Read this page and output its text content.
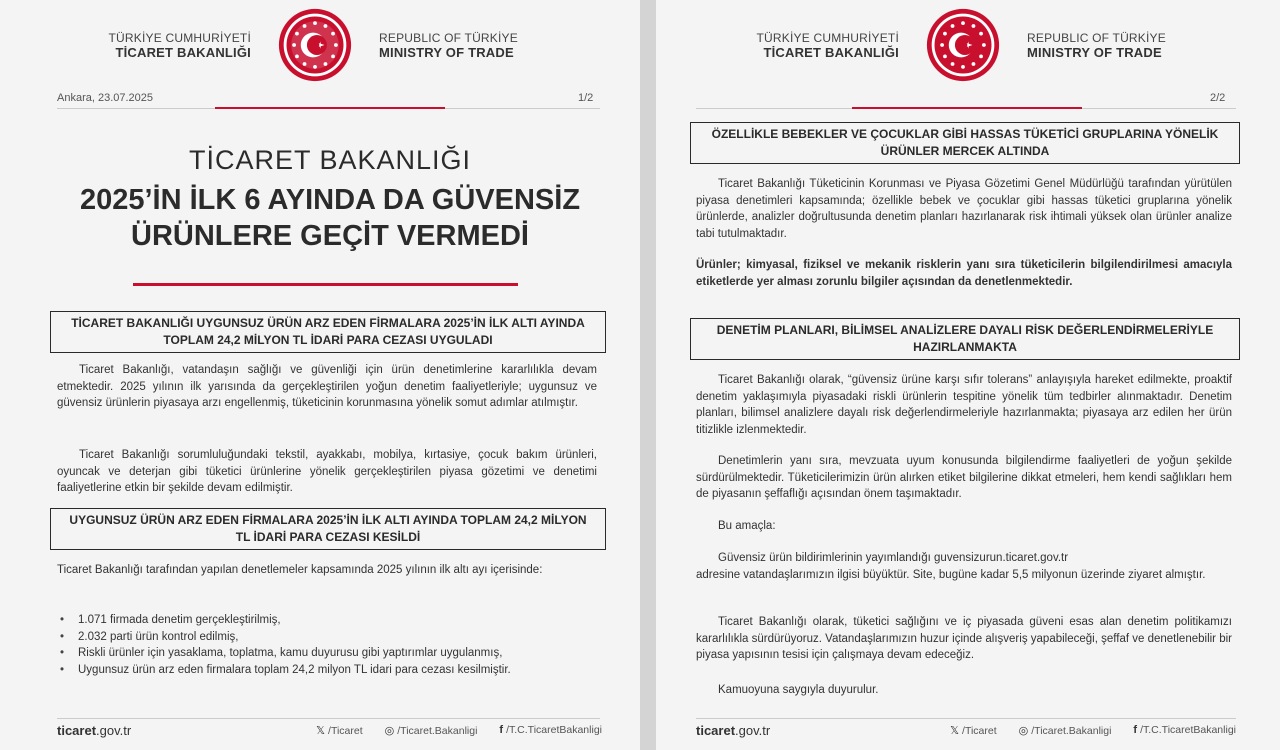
TÜRKİYE CUMHURİYETİ
TİCARET BAKANLIĞI
REPUBLIC OF TÜRKİYE
MINISTRY OF TRADE
Ankara, 23.07.2025	1/2
TİCARET BAKANLIĞI
2025’İN İLK 6 AYINDA DA GÜVENSİZ
ÜRÜNLERE GEÇİT VERMEDİ
TİCARET BAKANLIĞI UYGUNSUZ ÜRÜN ARZ EDEN FİRMALARA 2025’İN İLK ALTI AYINDA TOPLAM 24,2 MİLYON TL İDARİ PARA CEZASI UYGULADI
Ticaret Bakanlığı, vatandaşın sağlığı ve güvenliği için ürün denetimlerine kararlılıkla devam etmektedir. 2025 yılının ilk yarısında da gerçekleştirilen yoğun denetim faaliyetleriyle; uygunsuz ve güvensiz ürünlerin piyasaya arzı engellenmiş, tüketicinin korunmasına yönelik somut adımlar atılmıştır.
Ticaret Bakanlığı sorumluluğundaki tekstil, ayakkabı, mobilya, kırtasiye, çocuk bakım ürünleri, oyuncak ve deterjan gibi tüketici ürünlerine yönelik gerçekleştirilen piyasa gözetimi ve denetimi faaliyetlerine etkin bir şekilde devam edilmiştir.
UYGUNSUZ ÜRÜN ARZ EDEN FİRMALARA 2025’İN İLK ALTI AYINDA TOPLAM 24,2 MİLYON TL İDARİ PARA CEZASI KESİLDİ
Ticaret Bakanlığı tarafından yapılan denetlemeler kapsamında 2025 yılının ilk altı ayı içerisinde:
• 1.071 firmada denetim gerçekleştirilmiş,
• 2.032 parti ürün kontrol edilmiş,
• Riskli ürünler için yasaklama, toplatma, kamu duyurusu gibi yaptırımlar uygulanmış,
• Uygunsuz ürün arz eden firmalara toplam 24,2 milyon TL idari para cezası kesilmiştir.
ticaret.gov.tr	𝕏 /Ticaret ◎ /Ticaret.Bakanligi f /T.C.TicaretBakanligi
TÜRKİYE CUMHURİYETİ
TİCARET BAKANLIĞI
REPUBLIC OF TÜRKİYE
MINISTRY OF TRADE
2/2
ÖZELLİKLE BEBEKLER VE ÇOCUKLAR GİBİ HASSAS TÜKETİCİ GRUPLARINA YÖNELİK ÜRÜNLER MERCEK ALTINDA
Ticaret Bakanlığı Tüketicinin Korunması ve Piyasa Gözetimi Genel Müdürlüğü tarafından yürütülen piyasa denetimleri kapsamında; özellikle bebek ve çocuklar gibi hassas tüketici gruplarına yönelik ürünlerde, analizler doğrultusunda denetim planları hazırlanarak risk ihtimali yüksek olan ürünler analize tabi tutulmaktadır.
Ürünler; kimyasal, fiziksel ve mekanik risklerin yanı sıra tüketicilerin bilgilendirilmesi amacıyla etiketlerde yer alması zorunlu bilgiler açısından da denetlenmektedir.
DENETİM PLANLARI, BİLİMSEL ANALİZLERE DAYALI RİSK DEĞERLENDİRMELERİYLE HAZIRLANMAKTA
Ticaret Bakanlığı olarak, “güvensiz ürüne karşı sıfır tolerans” anlayışıyla hareket edilmekte, proaktif denetim yaklaşımıyla piyasadaki riskli ürünlerin tespitine yönelik tüm tedbirler alınmaktadır. Denetim planları, bilimsel analizlere dayalı risk değerlendirmeleriyle hazırlanmakta; piyasaya arz edilen her ürün titizlikle izlenmektedir.
Denetimlerin yanı sıra, mevzuata uyum konusunda bilgilendirme faaliyetleri de yoğun şekilde sürdürülmektedir. Tüketicilerimizin ürün alırken etiket bilgilerine dikkat etmeleri, hem kendi sağlıkları hem de piyasanın şeffaflığı açısından önem taşımaktadır.
Bu amaçla:
Güvensiz ürün bildirimlerinin yayımlandığı guvensizurun.ticaret.gov.tr
adresine vatandaşlarımızın ilgisi büyüktür. Site, bugüne kadar 5,5 milyonun üzerinde ziyaret almıştır.
Ticaret Bakanlığı olarak, tüketici sağlığını ve iç piyasada güveni esas alan denetim politikamızı kararlılıkla sürdürüyoruz. Vatandaşlarımızın huzur içinde alışveriş yapabileceği, şeffaf ve denetlenebilir bir piyasa yapısının tesisi için çalışmaya devam edeceğiz.
Kamuoyuna saygıyla duyurulur.
ticaret.gov.tr	𝕏 /Ticaret ◎ /Ticaret.Bakanligi f /T.C.TicaretBakanligi
